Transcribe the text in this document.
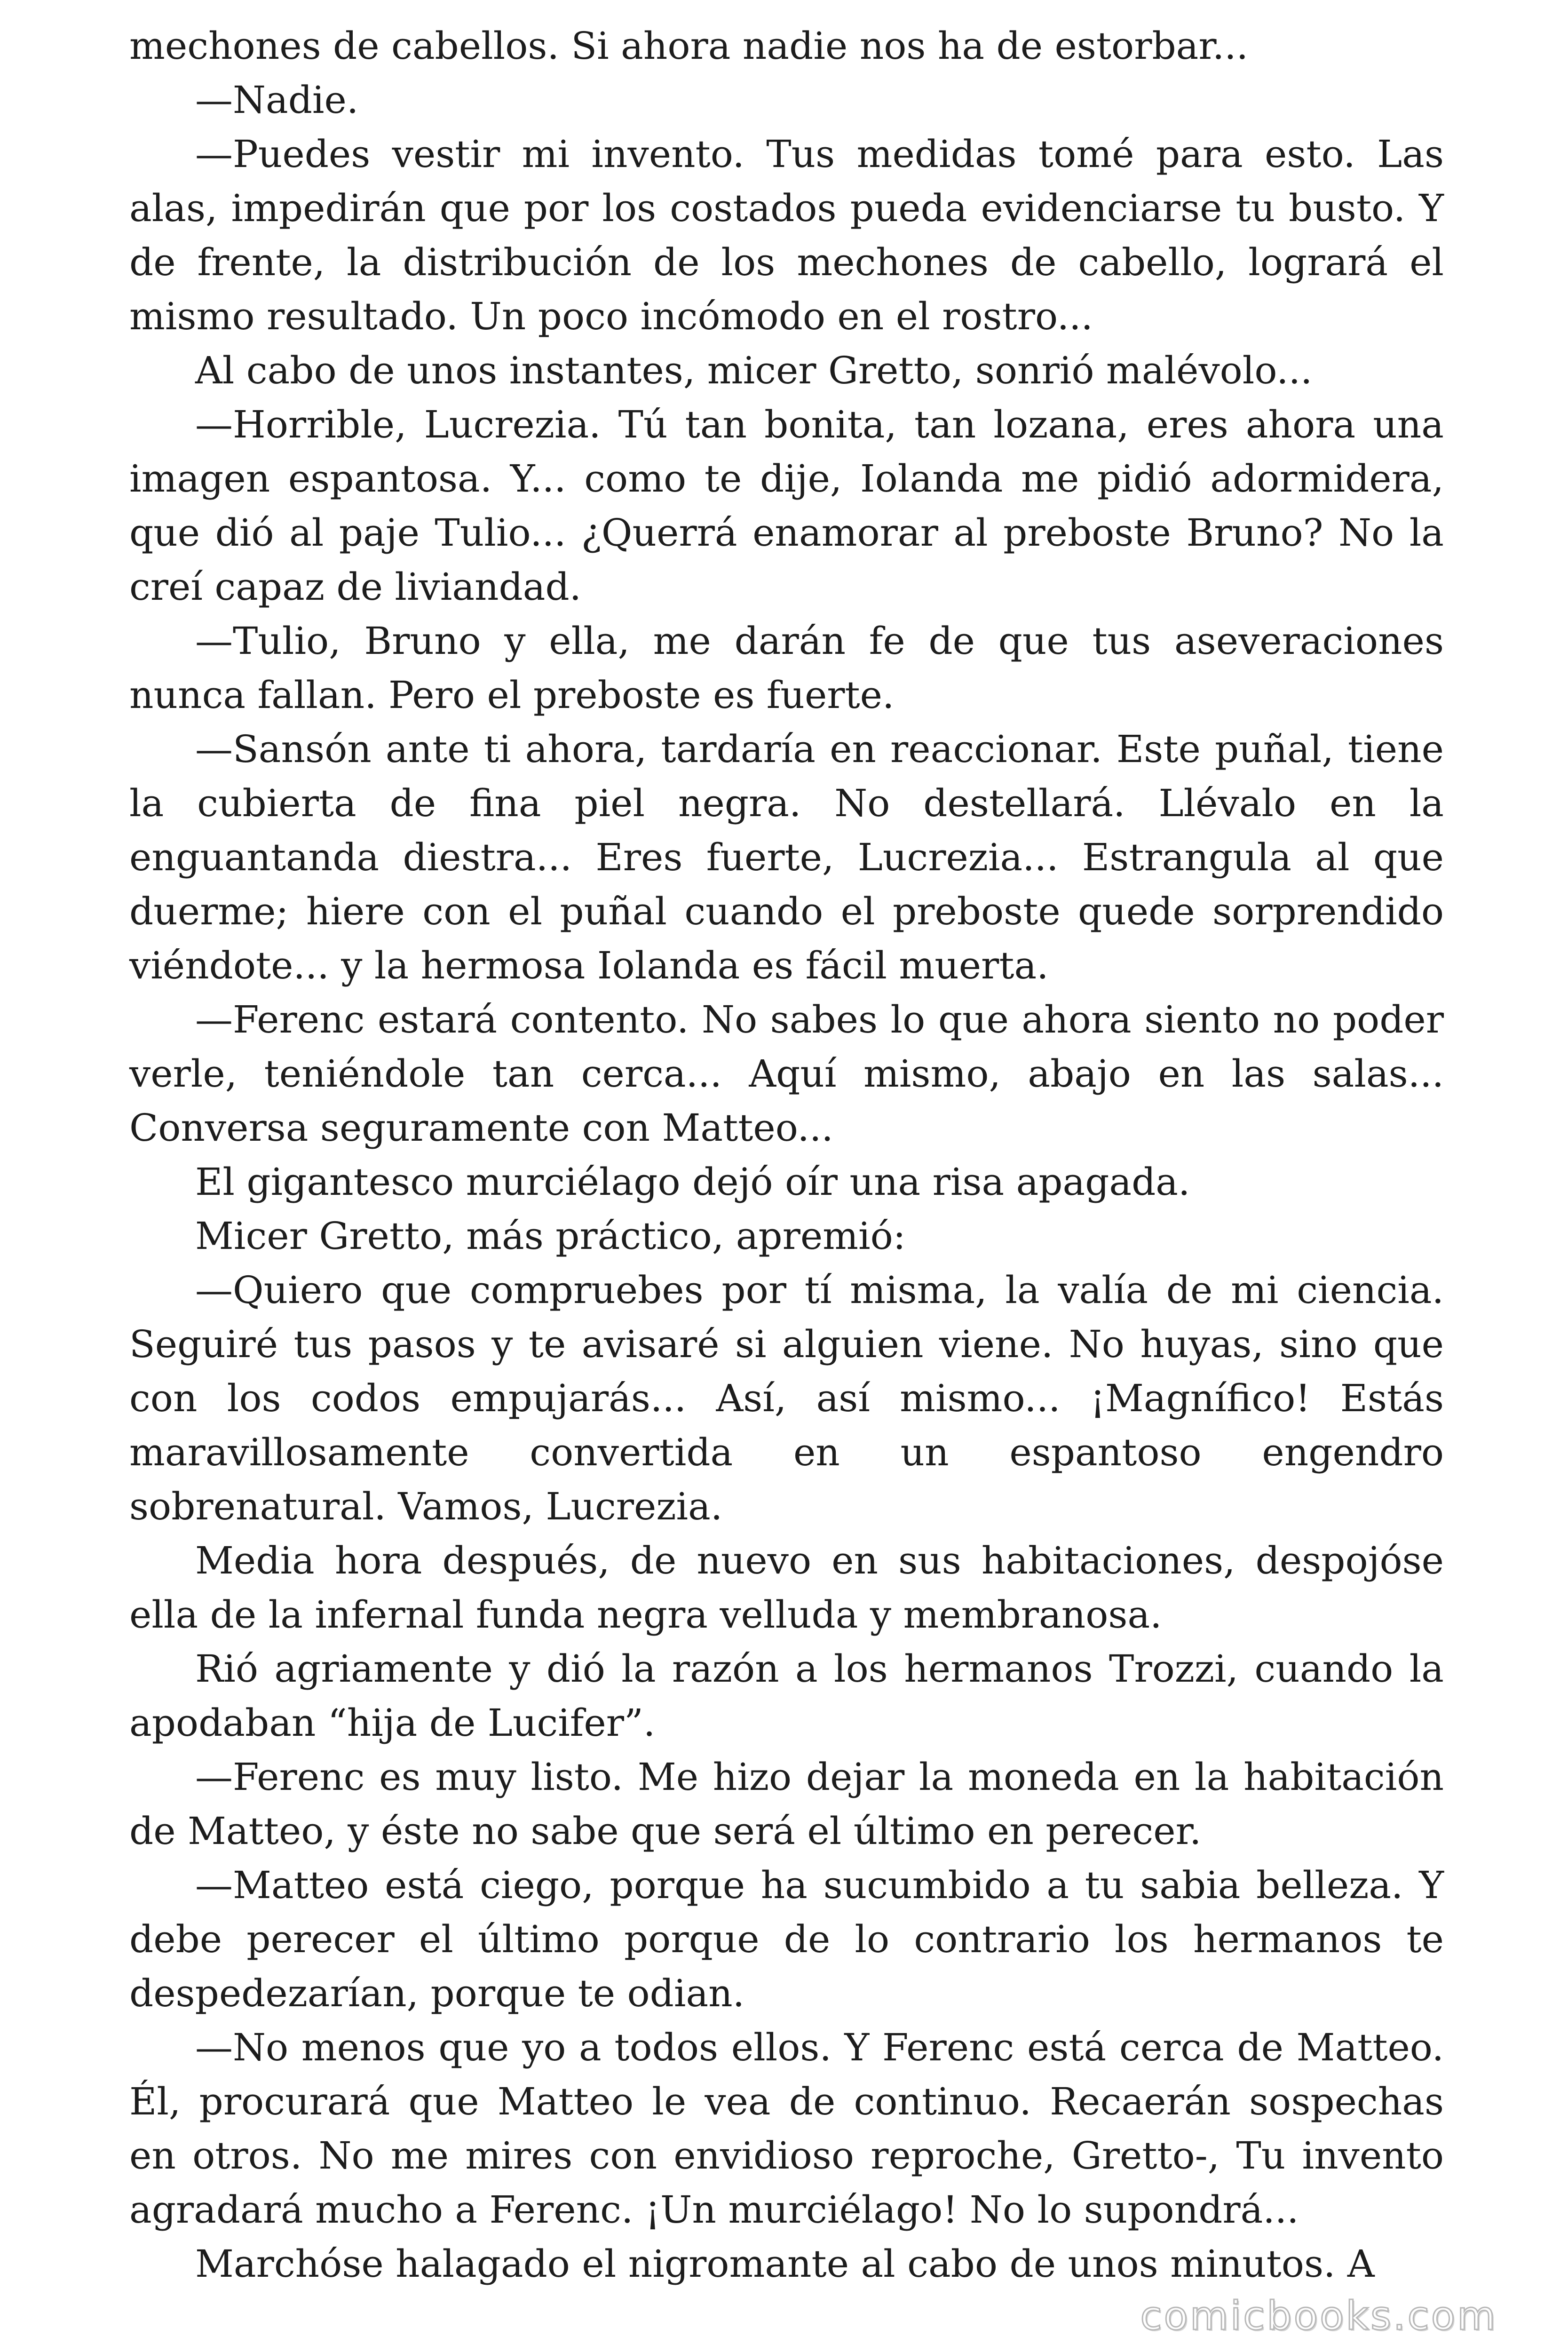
mechones de cabellos. Si ahora nadie nos ha de estorbar...

—Nadie.

—Puedes vestir mi invento. Tus medidas tomé para esto. Las alas, impedirán que por los costados pueda evidenciarse tu busto. Y de frente, la distribución de los mechones de cabello, logrará el mismo resultado. Un poco incómodo en el rostro...

Al cabo de unos instantes, micer Gretto, sonrió malévolo...

—Horrible, Lucrezia. Tú tan bonita, tan lozana, eres ahora una imagen espantosa. Y... como te dije, Iolanda me pidió adormidera, que dió al paje Tulio... ¿Querrá enamorar al preboste Bruno? No la creí capaz de liviandad.

—Tulio, Bruno y ella, me darán fe de que tus aseveraciones nunca fallan. Pero el preboste es fuerte.

—Sansón ante ti ahora, tardaría en reaccionar. Este puñal, tiene la cubierta de fina piel negra. No destellará. Llévalo en la enguantanda diestra... Eres fuerte, Lucrezia... Estrangula al que duerme; hiere con el puñal cuando el preboste quede sorprendido viéndote... y la hermosa Iolanda es fácil muerta.

—Ferenc estará contento. No sabes lo que ahora siento no poder verle, teniéndole tan cerca... Aquí mismo, abajo en las salas... Conversa seguramente con Matteo...

El gigantesco murciélago dejó oír una risa apagada.

Micer Gretto, más práctico, apremió:

—Quiero que compruebes por tí misma, la valía de mi ciencia. Seguiré tus pasos y te avisaré si alguien viene. No huyas, sino que con los codos empujarás... Así, así mismo... ¡Magnífico! Estás maravillosamente convertida en un espantoso engendro sobrenatural. Vamos, Lucrezia.

Media hora después, de nuevo en sus habitaciones, despojóse ella de la infernal funda negra velluda y membranosa.

Rió agriamente y dió la razón a los hermanos Trozzi, cuando la apodaban “hija de Lucifer”.

—Ferenc es muy listo. Me hizo dejar la moneda en la habitación de Matteo, y éste no sabe que será el último en perecer.

—Matteo está ciego, porque ha sucumbido a tu sabia belleza. Y debe perecer el último porque de lo contrario los hermanos te despedezarían, porque te odian.

—No menos que yo a todos ellos. Y Ferenc está cerca de Matteo. Él, procurará que Matteo le vea de continuo. Recaerán sospechas en otros. No me mires con envidioso reproche, Gretto-, Tu invento agradará mucho a Ferenc. ¡Un murciélago! No lo supondrá...

Marchóse halagado el nigromante al cabo de unos minutos. A

comicbooks.com
